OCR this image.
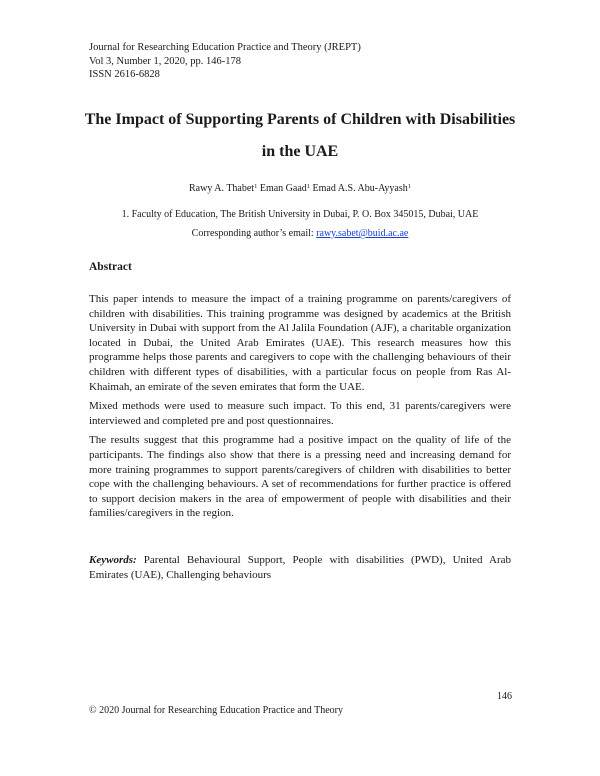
Journal for Researching Education Practice and Theory (JREPT)
Vol 3, Number 1, 2020, pp. 146-178
ISSN 2616-6828
The Impact of Supporting Parents of Children with Disabilities
in the UAE
Rawy A. Thabet$^1$ Eman Gaad$^1$ Emad A.S. Abu-Ayyash$^1$
1. Faculty of Education, The British University in Dubai, P. O. Box 345015, Dubai, UAE
Corresponding author’s email: rawy.sabet@buid.ac.ae
Abstract

This paper intends to measure the impact of a training programme on parents/caregivers of children with disabilities. This training programme was designed by academics at the British University in Dubai with support from the Al Jalila Foundation (AJF), a charitable organization located in Dubai, the United Arab Emirates (UAE). This research measures how this programme helps those parents and caregivers to cope with the challenging behaviours of their children with different types of disabilities, with a particular focus on people from Ras Al-Khaimah, an emirate of the seven emirates that form the UAE.

Mixed methods were used to measure such impact. To this end, 31 parents/caregivers were interviewed and completed pre and post questionnaires.

The results suggest that this programme had a positive impact on the quality of life of the participants. The findings also show that there is a pressing need and increasing demand for more training programmes to support parents/caregivers of children with disabilities to better cope with the challenging behaviours. A set of recommendations for further practice is offered to support decision makers in the area of empowerment of people with disabilities and their families/caregivers in the region.

Keywords: Parental Behavioural Support, People with disabilities (PWD), United Arab Emirates (UAE), Challenging behaviours
146
© 2020 Journal for Researching Education Practice and Theory
